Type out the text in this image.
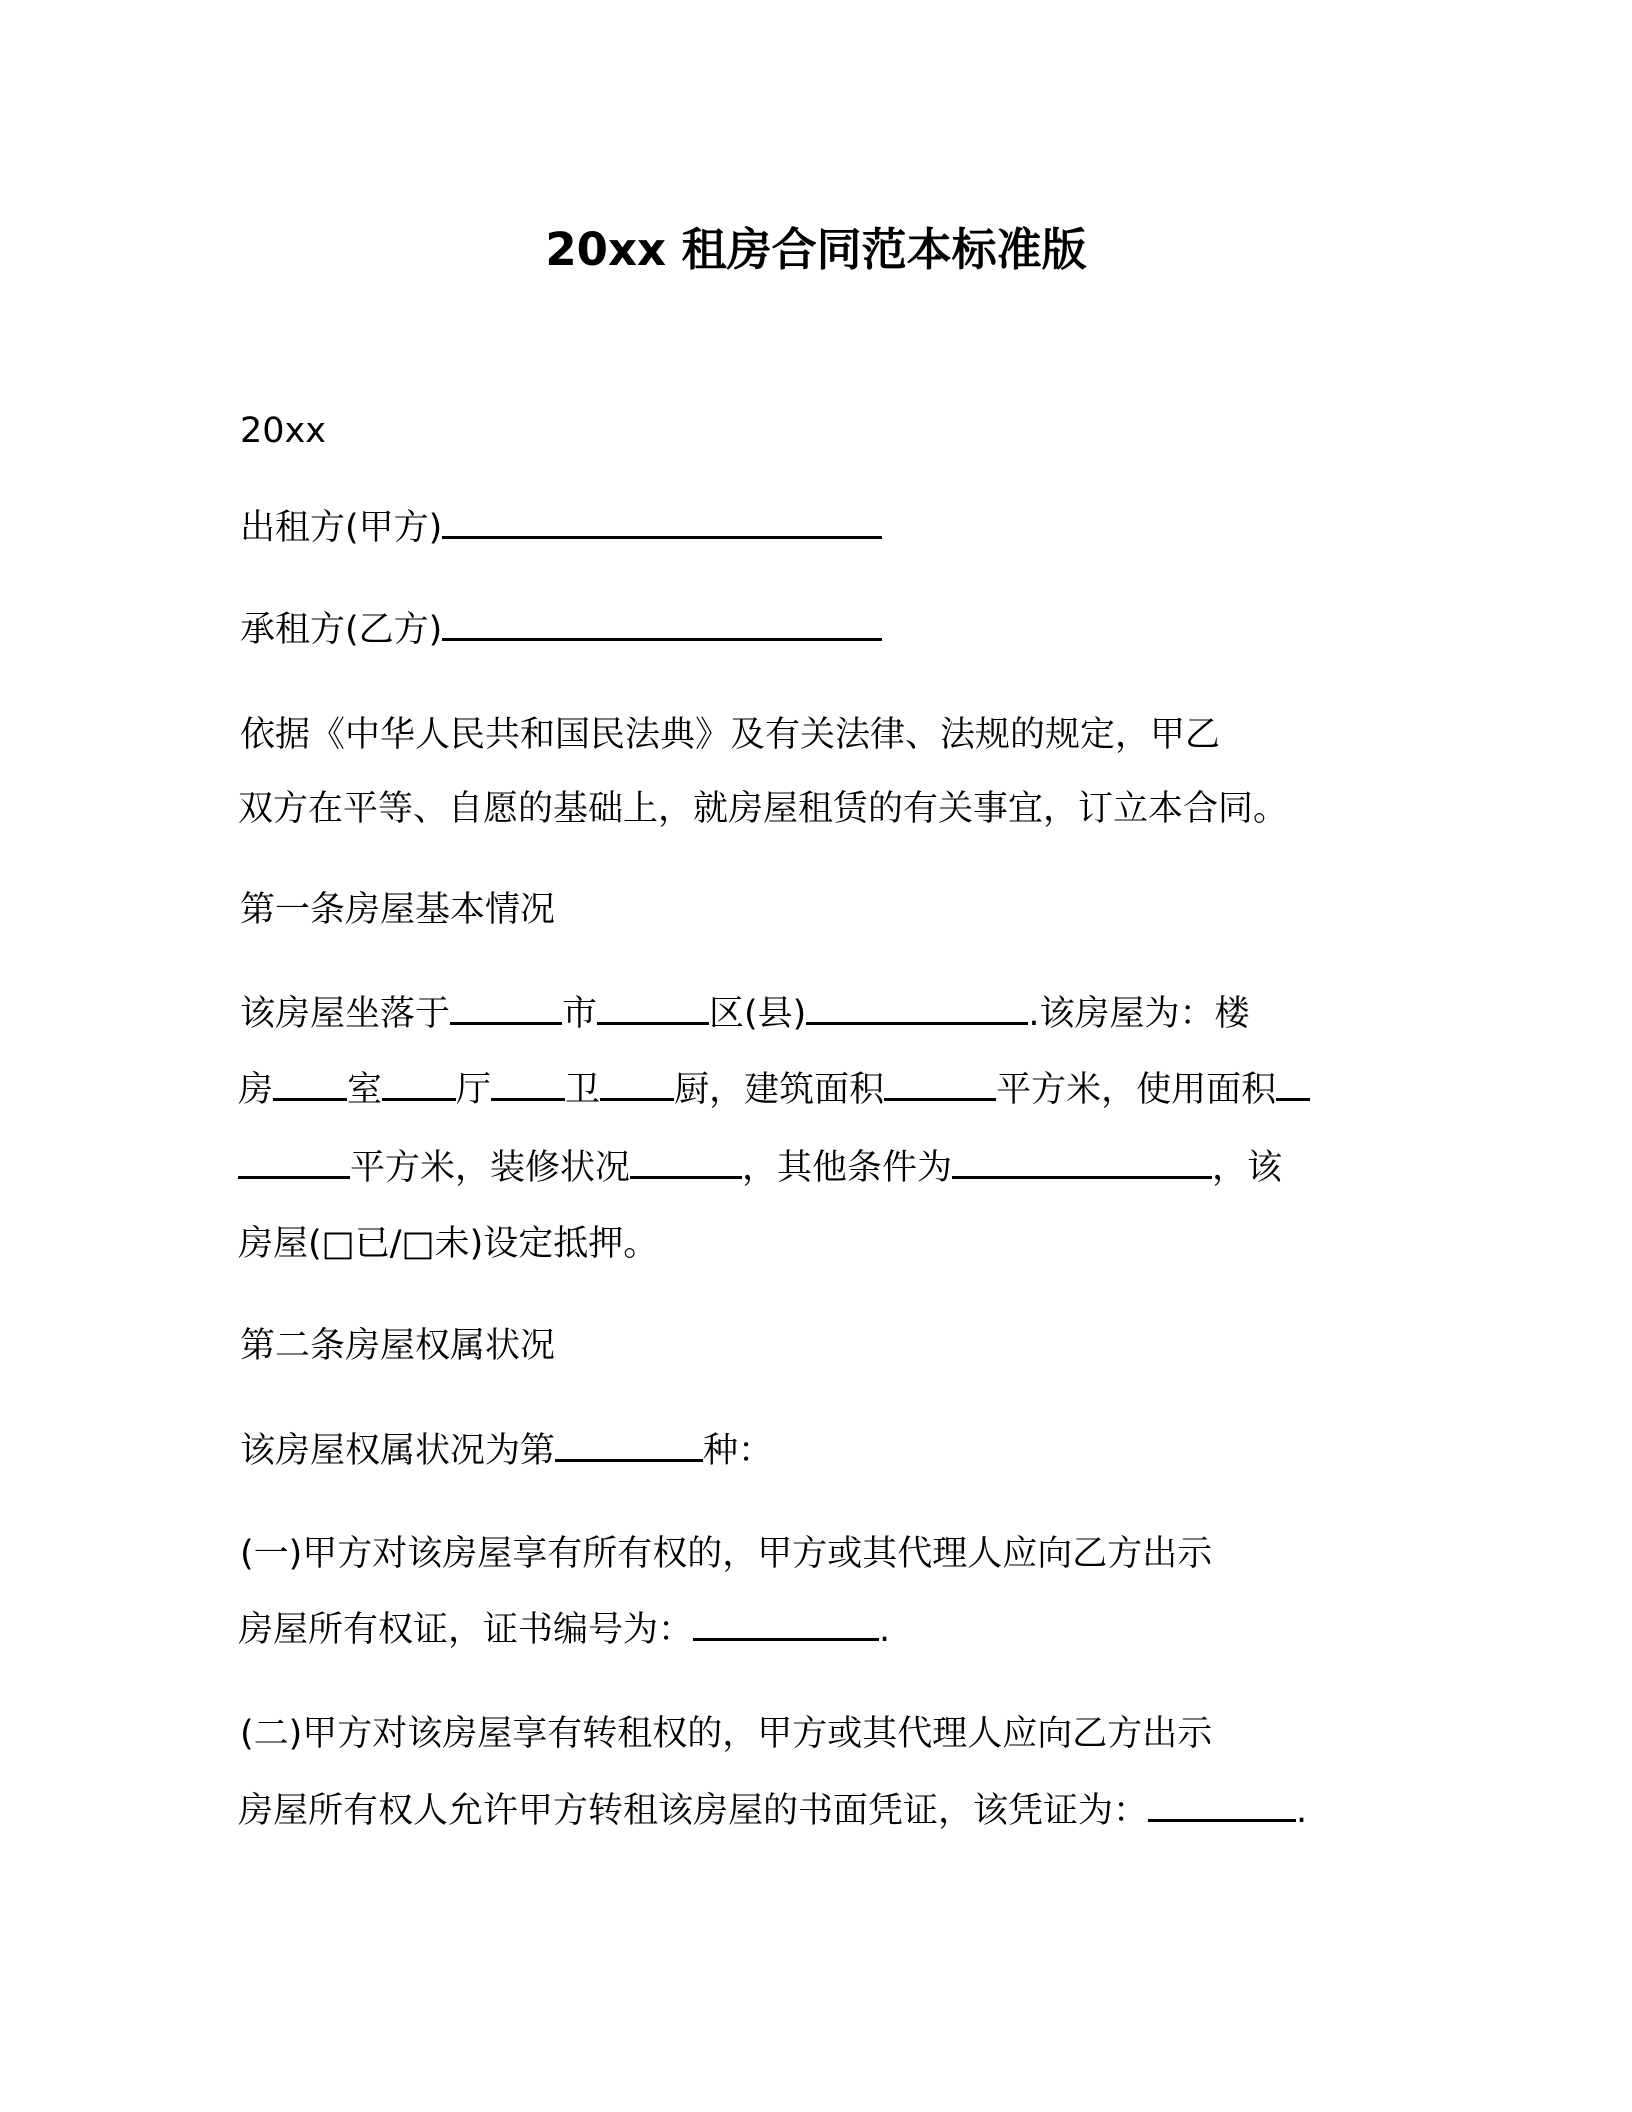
20xx 租房合同范本标准版
20xx
出租方(甲方)
承租方(乙方)
依据《中华人民共和国民法典》及有关法律、法规的规定，甲乙
双方在平等、自愿的基础上，就房屋租赁的有关事宜，订立本合同。
第一条房屋基本情况
该房屋坐落于	市	区(县)	.该房屋为：楼
房 室 厅 卫 厨，建筑面积	平方米，使用面积
平方米，装修状况	，其他条件为	，该
房屋(□已/□未)设定抵押。
第二条房屋权属状况
该房屋权属状况为第	种：
(一)甲方对该房屋享有所有权的，甲方或其代理人应向乙方出示
房屋所有权证，证书编号为：	.
(二)甲方对该房屋享有转租权的，甲方或其代理人应向乙方出示
房屋所有权人允许甲方转租该房屋的书面凭证，该凭证为：	.
